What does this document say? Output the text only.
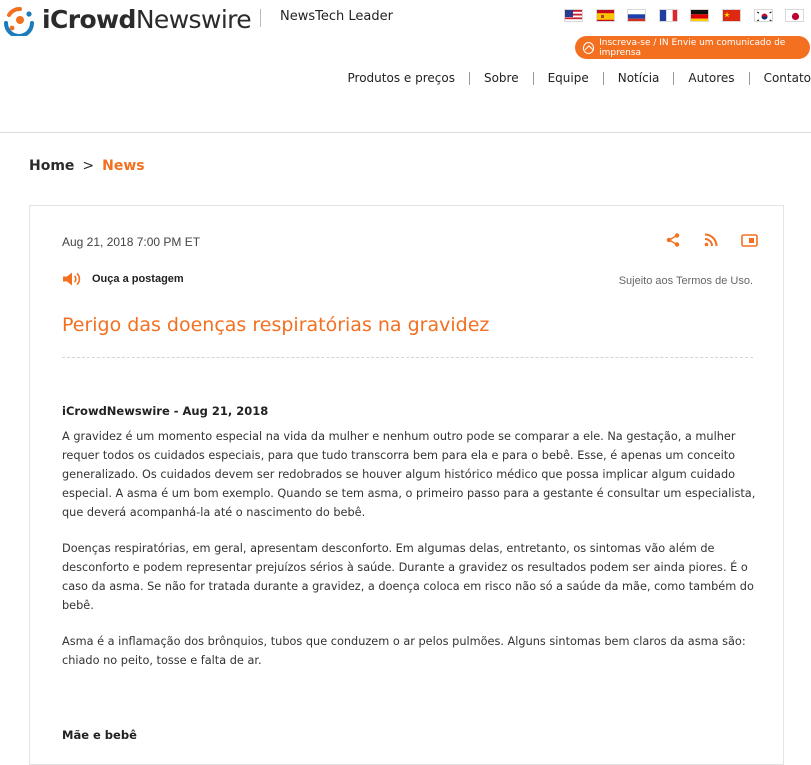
iCrowdNewswire NewsTech Leader
Inscreva-se / IN Envie um comunicado de imprensa
Produtos e preços	Sobre	Equipe	Notícia	Autores	Contato
Home > News
Aug 21, 2018 7:00 PM ET
Ouça a postagem	Sujeito aos Termos de Uso.
Perigo das doenças respiratórias na gravidez

iCrowdNewswire - Aug 21, 2018

A gravidez é um momento especial na vida da mulher e nenhum outro pode se comparar a ele. Na gestação, a mulher requer todos os cuidados especiais, para que tudo transcorra bem para ela e para o bebê. Esse, é apenas um conceito generalizado. Os cuidados devem ser redobrados se houver algum histórico médico que possa implicar algum cuidado especial. A asma é um bom exemplo. Quando se tem asma, o primeiro passo para a gestante é consultar um especialista, que deverá acompanhá-la até o nascimento do bebê.

Doenças respiratórias, em geral, apresentam desconforto. Em algumas delas, entretanto, os sintomas vão além de desconforto e podem representar prejuízos sérios à saúde. Durante a gravidez os resultados podem ser ainda piores. É o caso da asma. Se não for tratada durante a gravidez, a doença coloca em risco não só a saúde da mãe, como também do bebê.

Asma é a inflamação dos brônquios, tubos que conduzem o ar pelos pulmões. Alguns sintomas bem claros da asma são: chiado no peito, tosse e falta de ar.

Mãe e bebê
